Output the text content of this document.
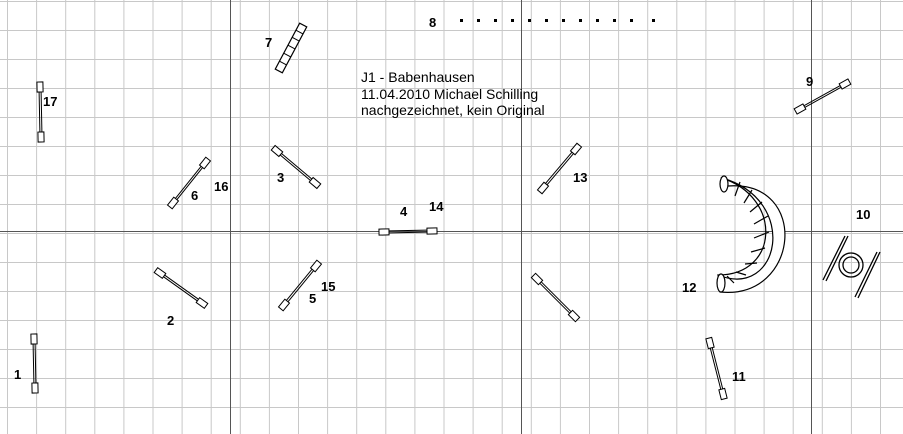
J1 - Babenhausen
11.04.2010 Michael Schilling
nachgezeichnet, kein Original
1
2
3
4 14
5
15
6
16
7
8
9
10
11
12
13
17
